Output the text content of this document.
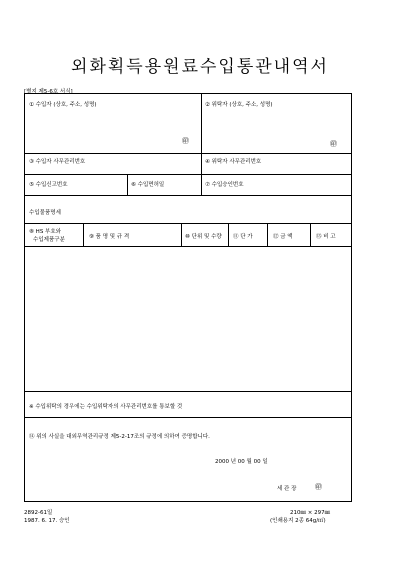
외화획득용원료수입통관내역서
[별지 제5-6호 서식]
① 수입자 (상호, 주소, 성명)
㊞
② 위탁자 (상호, 주소, 성명)
㊞
③ 수입자 사무관리번호	④ 위탁자 사무관리번호
⑤ 수입신고번호	⑥ 수입면허일	⑦ 수입승인번호
수입물품명세
⑧ HS 부호와
수입제품구분	⑨ 품 명 및 규 격	⑩ 단위 및 수량 ⑪ 단 가	⑫ 금 액	⑬ 비 고
※ 수입위탁의 경우에는 수입위탁자의 사무관리번호를 통보할 것
⑭ 위의 사실을 대외무역관리규정 제5-2-17조의 규정에 의하여 증명합니다.
2000 년 00 월 00 일
세 관 장	㊞
2892-61일
1987. 6. 17. 승인
210㎜ × 297㎜
(인쇄용지 2종 64g/㎡)
